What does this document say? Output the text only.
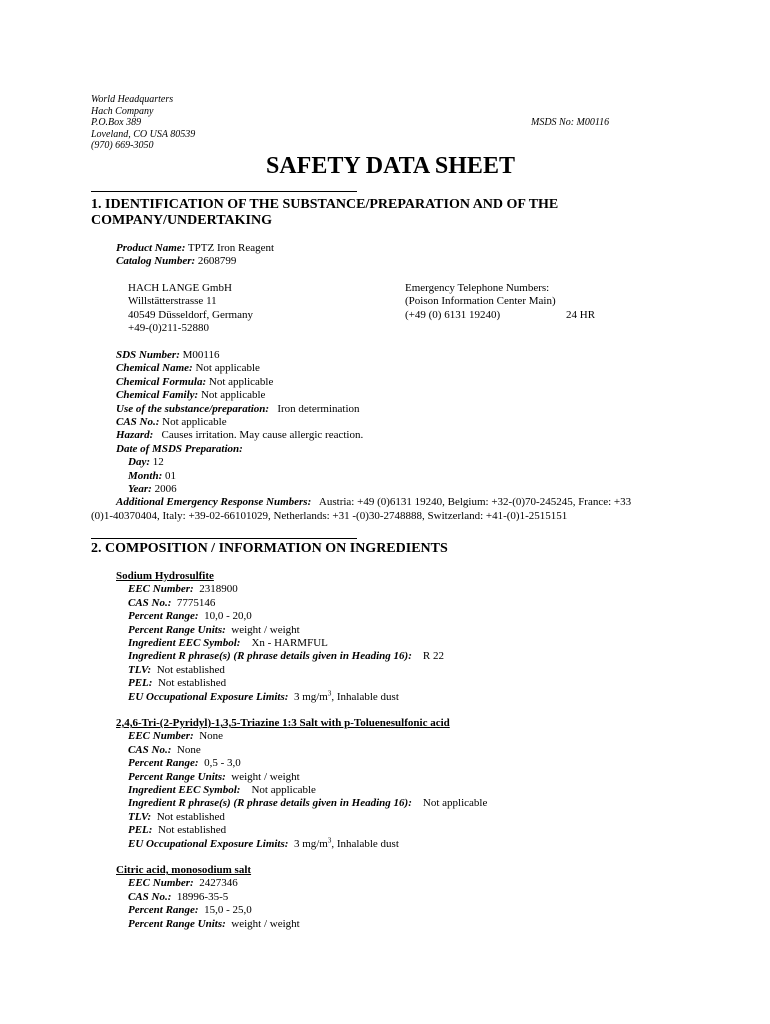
World Headquarters
Hach Company
P.O.Box 389
Loveland, CO USA 80539
(970) 669-3050
MSDS No: M00116
SAFETY DATA SHEET
1. IDENTIFICATION OF THE SUBSTANCE/PREPARATION AND OF THE
COMPANY/UNDERTAKING
Product Name: TPTZ Iron Reagent
Catalog Number: 2608799
HACH LANGE GmbH
Willstätterstrasse 11
40549 Düsseldorf, Germany
+49-(0)211-52880
Emergency Telephone Numbers:
(Poison Information Center Main)
(+49 (0) 6131 19240)	24 HR
SDS Number: M00116
Chemical Name: Not applicable
Chemical Formula: Not applicable
Chemical Family: Not applicable
Use of the substance/preparation: Iron determination
CAS No.: Not applicable
Hazard: Causes irritation. May cause allergic reaction.
Date of MSDS Preparation:
Day: 12
Month: 01
Year: 2006
Additional Emergency Response Numbers: Austria: +49 (0)6131 19240, Belgium: +32-(0)70-245245, France: +33
(0)1-40370404, Italy: +39-02-66101029, Netherlands: +31 -(0)30-2748888, Switzerland: +41-(0)1-2515151
2. COMPOSITION / INFORMATION ON INGREDIENTS
Sodium Hydrosulfite
EEC Number: 2318900
CAS No.: 7775146
Percent Range: 10,0 - 20,0
Percent Range Units: weight / weight
Ingredient EEC Symbol: Xn - HARMFUL
Ingredient R phrase(s) (R phrase details given in Heading 16): R 22
TLV: Not established
PEL: Not established
EU Occupational Exposure Limits: 3 $mg/m^3$, Inhalable dust
2,4,6-Tri-(2-Pyridyl)-1,3,5-Triazine 1:3 Salt with p-Toluenesulfonic acid
EEC Number: None
CAS No.: None
Percent Range: 0,5 - 3,0
Percent Range Units: weight / weight
Ingredient EEC Symbol: Not applicable
Ingredient R phrase(s) (R phrase details given in Heading 16): Not applicable
TLV: Not established
PEL: Not established
EU Occupational Exposure Limits: 3 $mg/m^3$, Inhalable dust
Citric acid, monosodium salt
EEC Number: 2427346
CAS No.: 18996-35-5
Percent Range: 15,0 - 25,0
Percent Range Units: weight / weight
